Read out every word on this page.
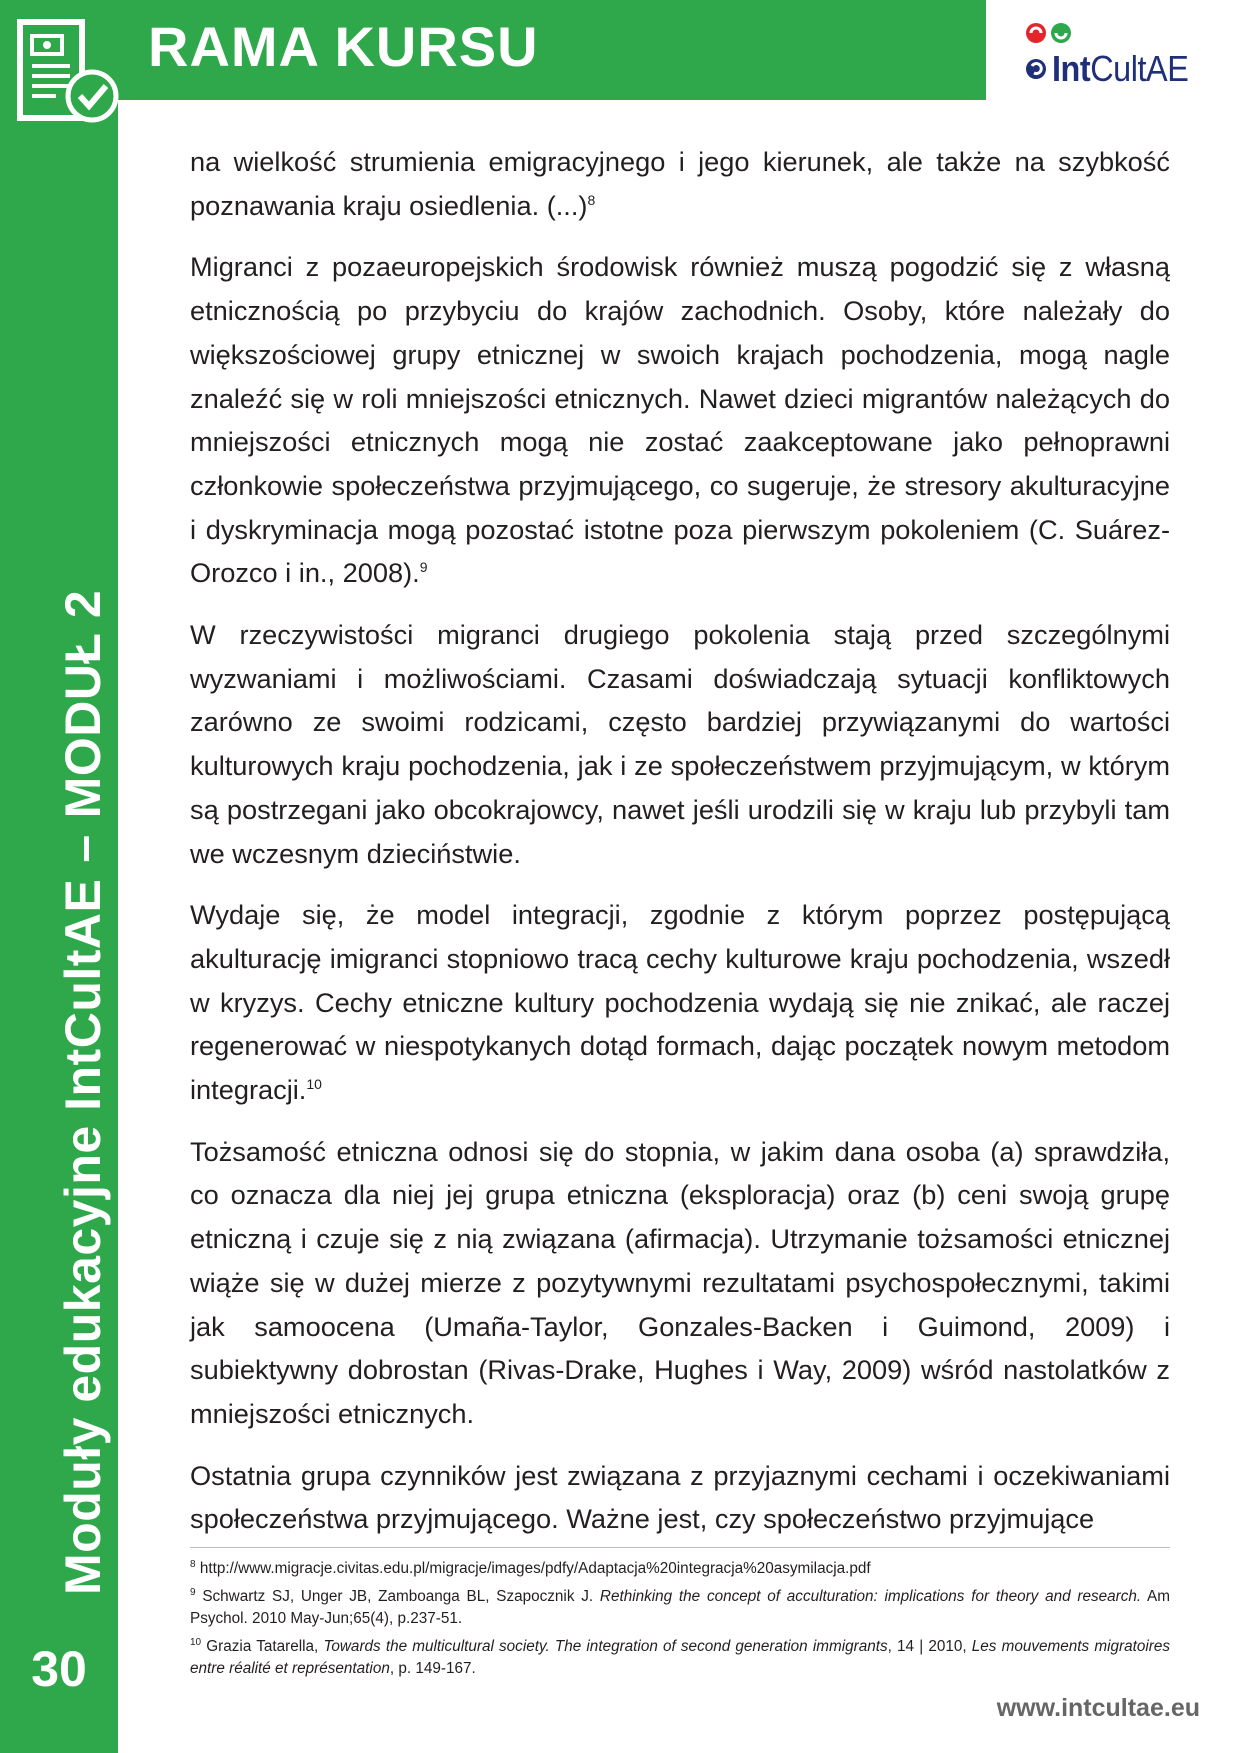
RAMA KURSU	IntCultAE
Moduły edukacyjne IntCultAE–MODUŁ 2
30

na wielkość strumienia emigracyjnego i jego kierunek, ale także na szybkość poznawania kraju osiedlenia. (...)$^8$

Migranci z pozaeuropejskich środowisk również muszą pogodzić się z własną etnicznością po przybyciu do krajów zachodnich. Osoby, które należały do większościowej grupy etnicznej w swoich krajach pochodzenia, mogą nagle znaleźć się w roli mniejszości etnicznych. Nawet dzieci migrantów należących do mniejszości etnicznych mogą nie zostać zaakceptowane jako pełnoprawni członkowie społeczeństwa przyjmującego, co sugeruje, że stresory akulturacyjne i dyskryminacja mogą pozostać istotne poza pierwszym pokoleniem (C. Suárez-Orozco i in., 2008).$^9$

W rzeczywistości migranci drugiego pokolenia stają przed szczególnymi wyzwaniami i możliwościami. Czasami doświadczają sytuacji konfliktowych zarówno ze swoimi rodzicami, często bardziej przywiązanymi do wartości kulturowych kraju pochodzenia, jak i ze społeczeństwem przyjmującym, w którym są postrzegani jako obcokrajowcy, nawet jeśli urodzili się w kraju lub przybyli tam we wczesnym dzieciństwie.

Wydaje się, że model integracji, zgodnie z którym poprzez postępującą akulturację imigranci stopniowo tracą cechy kulturowe kraju pochodzenia, wszedł w kryzys. Cechy etniczne kultury pochodzenia wydają się nie znikać, ale raczej regenerować w niespotykanych dotąd formach, dając początek nowym metodom integracji.$^{10}$

Tożsamość etniczna odnosi się do stopnia, w jakim dana osoba (a) sprawdziła, co oznacza dla niej jej grupa etniczna (eksploracja) oraz (b) ceni swoją grupę etniczną i czuje się z nią związana (afirmacja). Utrzymanie tożsamości etnicznej wiąże się w dużej mierze z pozytywnymi rezultatami psychospołecznymi, takimi jak samoocena (Umaña-Taylor, Gonzales-Backen i Guimond, 2009) i subiektywny dobrostan (Rivas-Drake, Hughes i Way, 2009) wśród nastolatków z mniejszości etnicznych.

Ostatnia grupa czynników jest związana z przyjaznymi cechami i oczekiwaniami społeczeństwa przyjmującego. Ważne jest, czy społeczeństwo przyjmujące

$^8$ http://www.migracje.civitas.edu.pl/migracje/images/pdfy/Adaptacja%20integracja%20asymilacja.pdf

$^9$ Schwartz SJ, Unger JB, Zamboanga BL, Szapocznik J. Rethinking the concept of acculturation: implications for theory and research. Am Psychol. 2010 May-Jun;65(4), p.237-51.

$^{10}$ Grazia Tatarella, Towards the multicultural society. The integration of second generation immigrants, 14 | 2010, Les mouvements migratoires entre réalité et représentation, p. 149-167.

www.intcultae.eu
